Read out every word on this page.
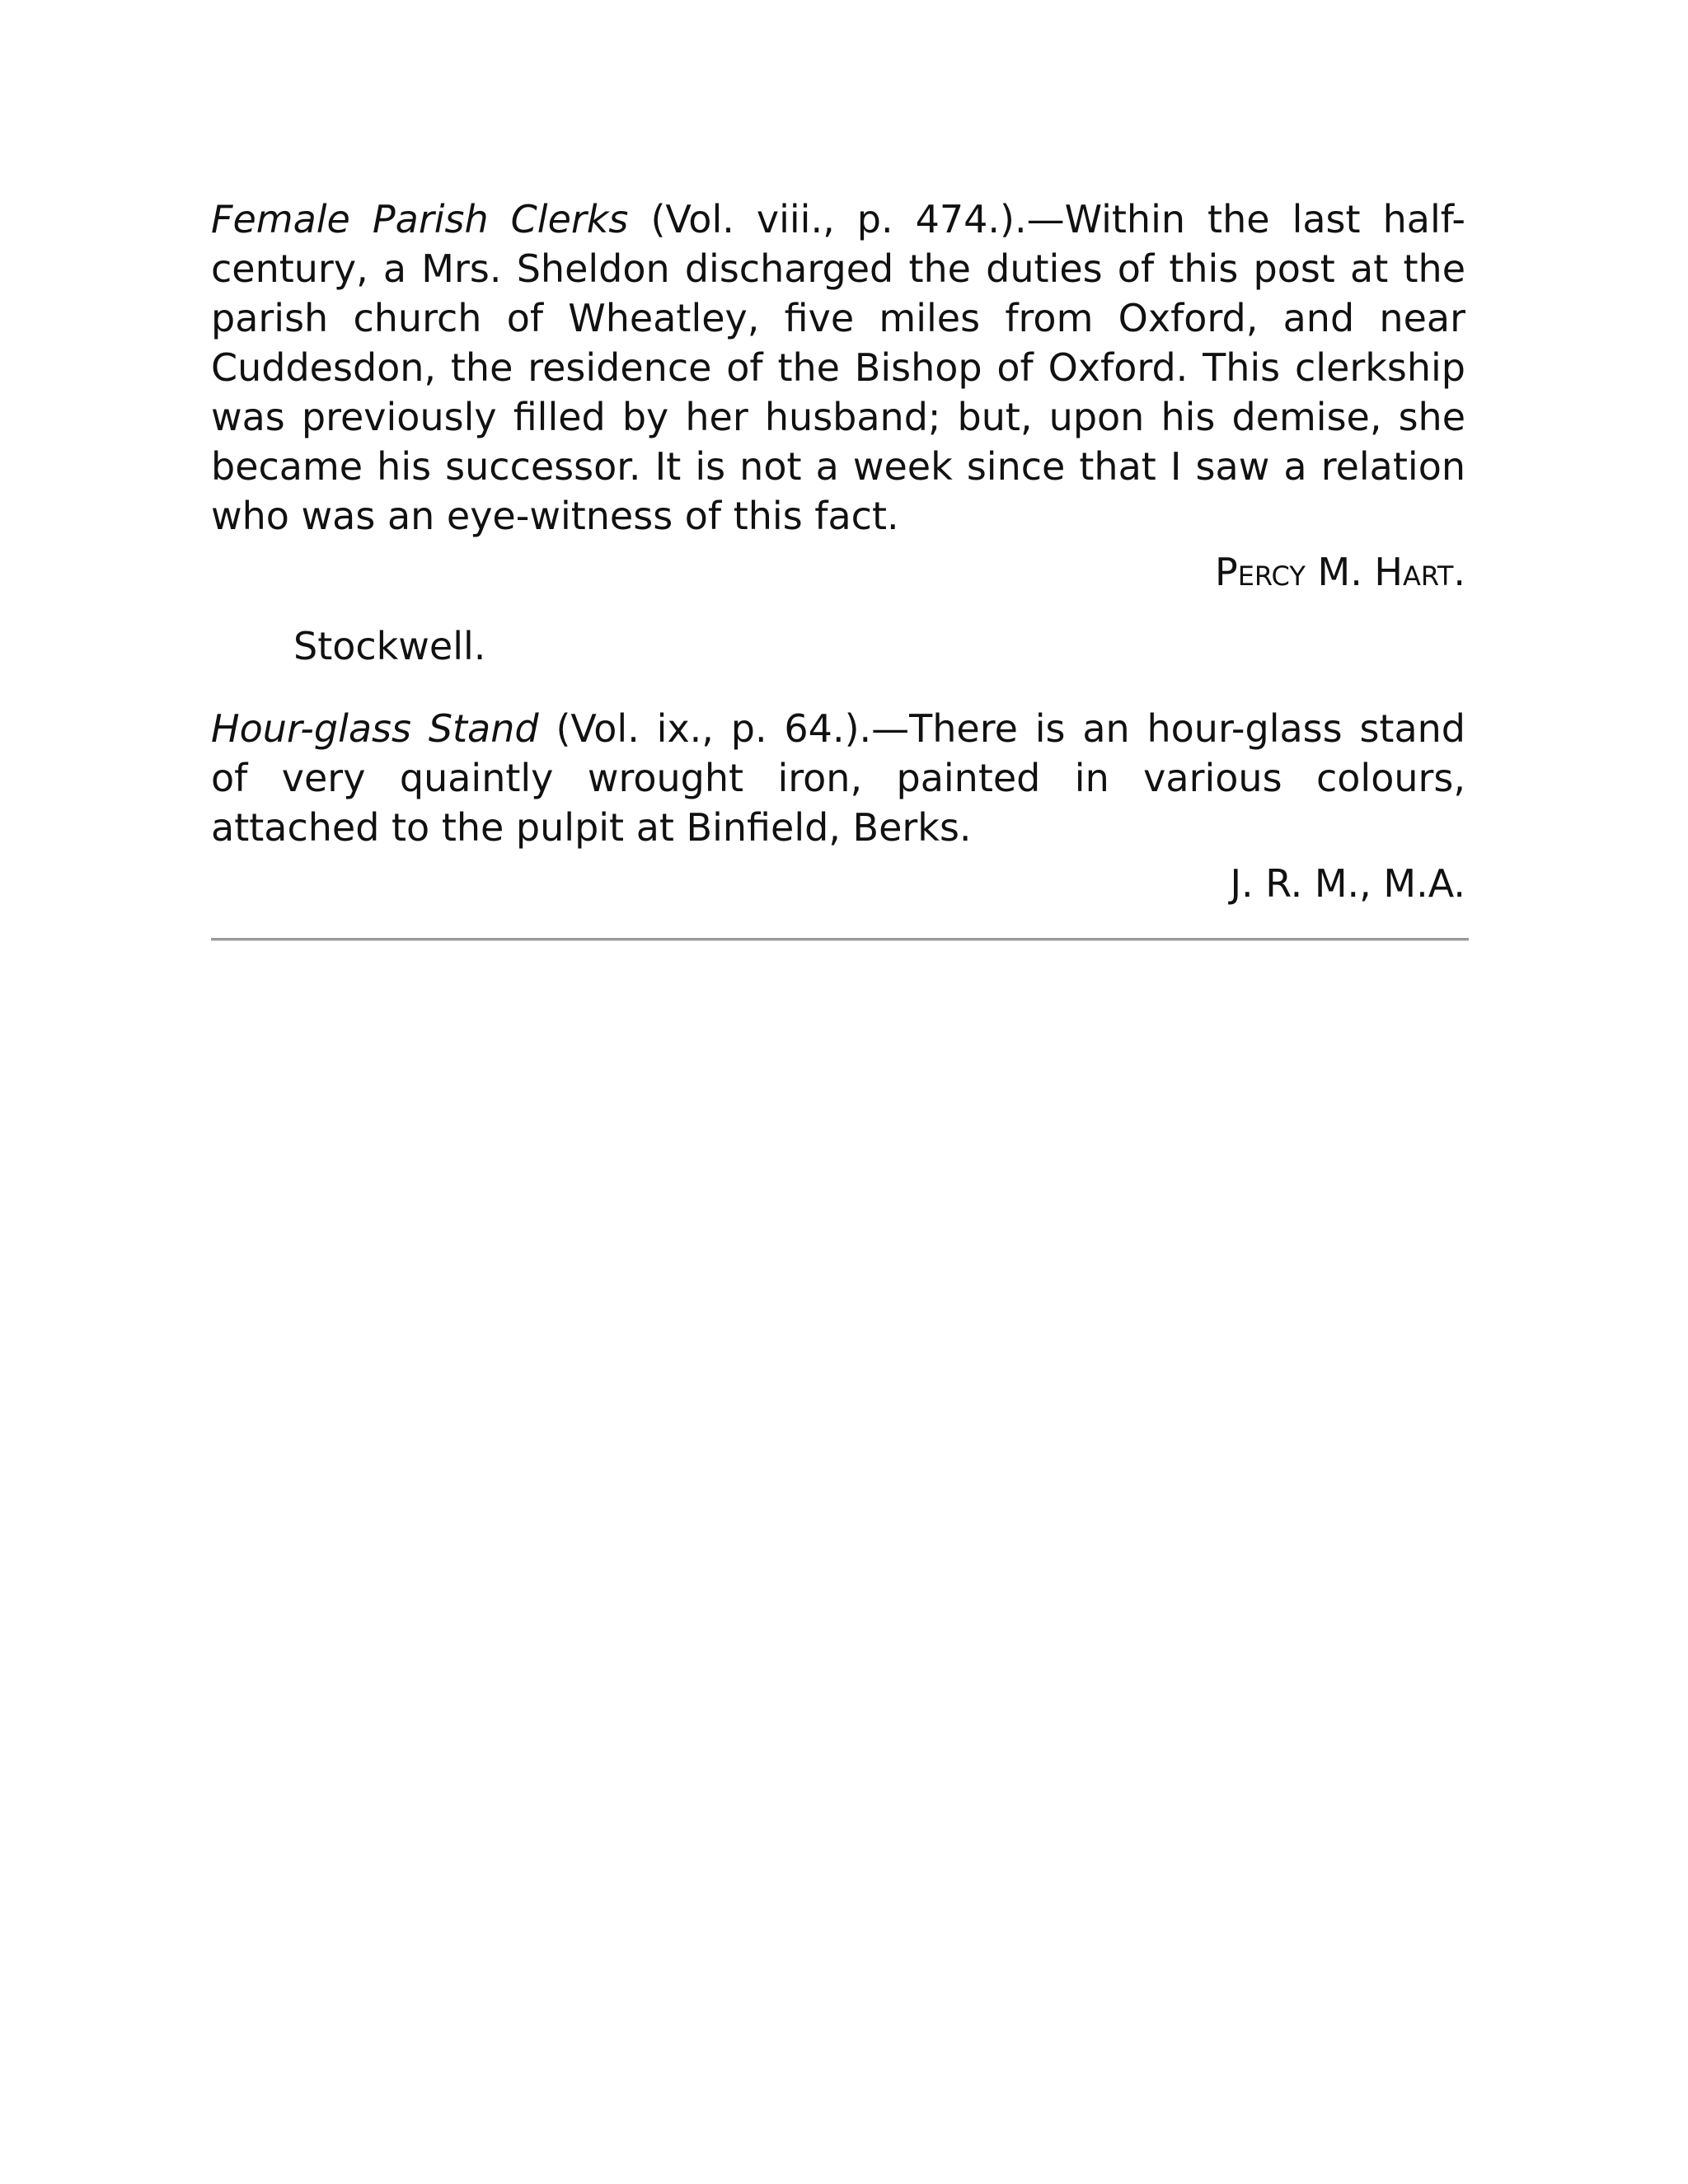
Female Parish Clerks (Vol. viii., p. 474.).—Within the last half-century, a Mrs. Sheldon discharged the duties of this post at the parish church of Wheatley, five miles from Oxford, and near Cuddesdon, the residence of the Bishop of Oxford. This clerkship was previously filled by her husband; but, upon his demise, she became his successor. It is not a week since that I saw a relation who was an eye-witness of this fact.

Percy M. Hart.

Stockwell.

Hour-glass Stand (Vol. ix., p. 64.).—There is an hour-glass stand of very quaintly wrought iron, painted in various colours, attached to the pulpit at Binfield, Berks.

J. R. M., M.A.
